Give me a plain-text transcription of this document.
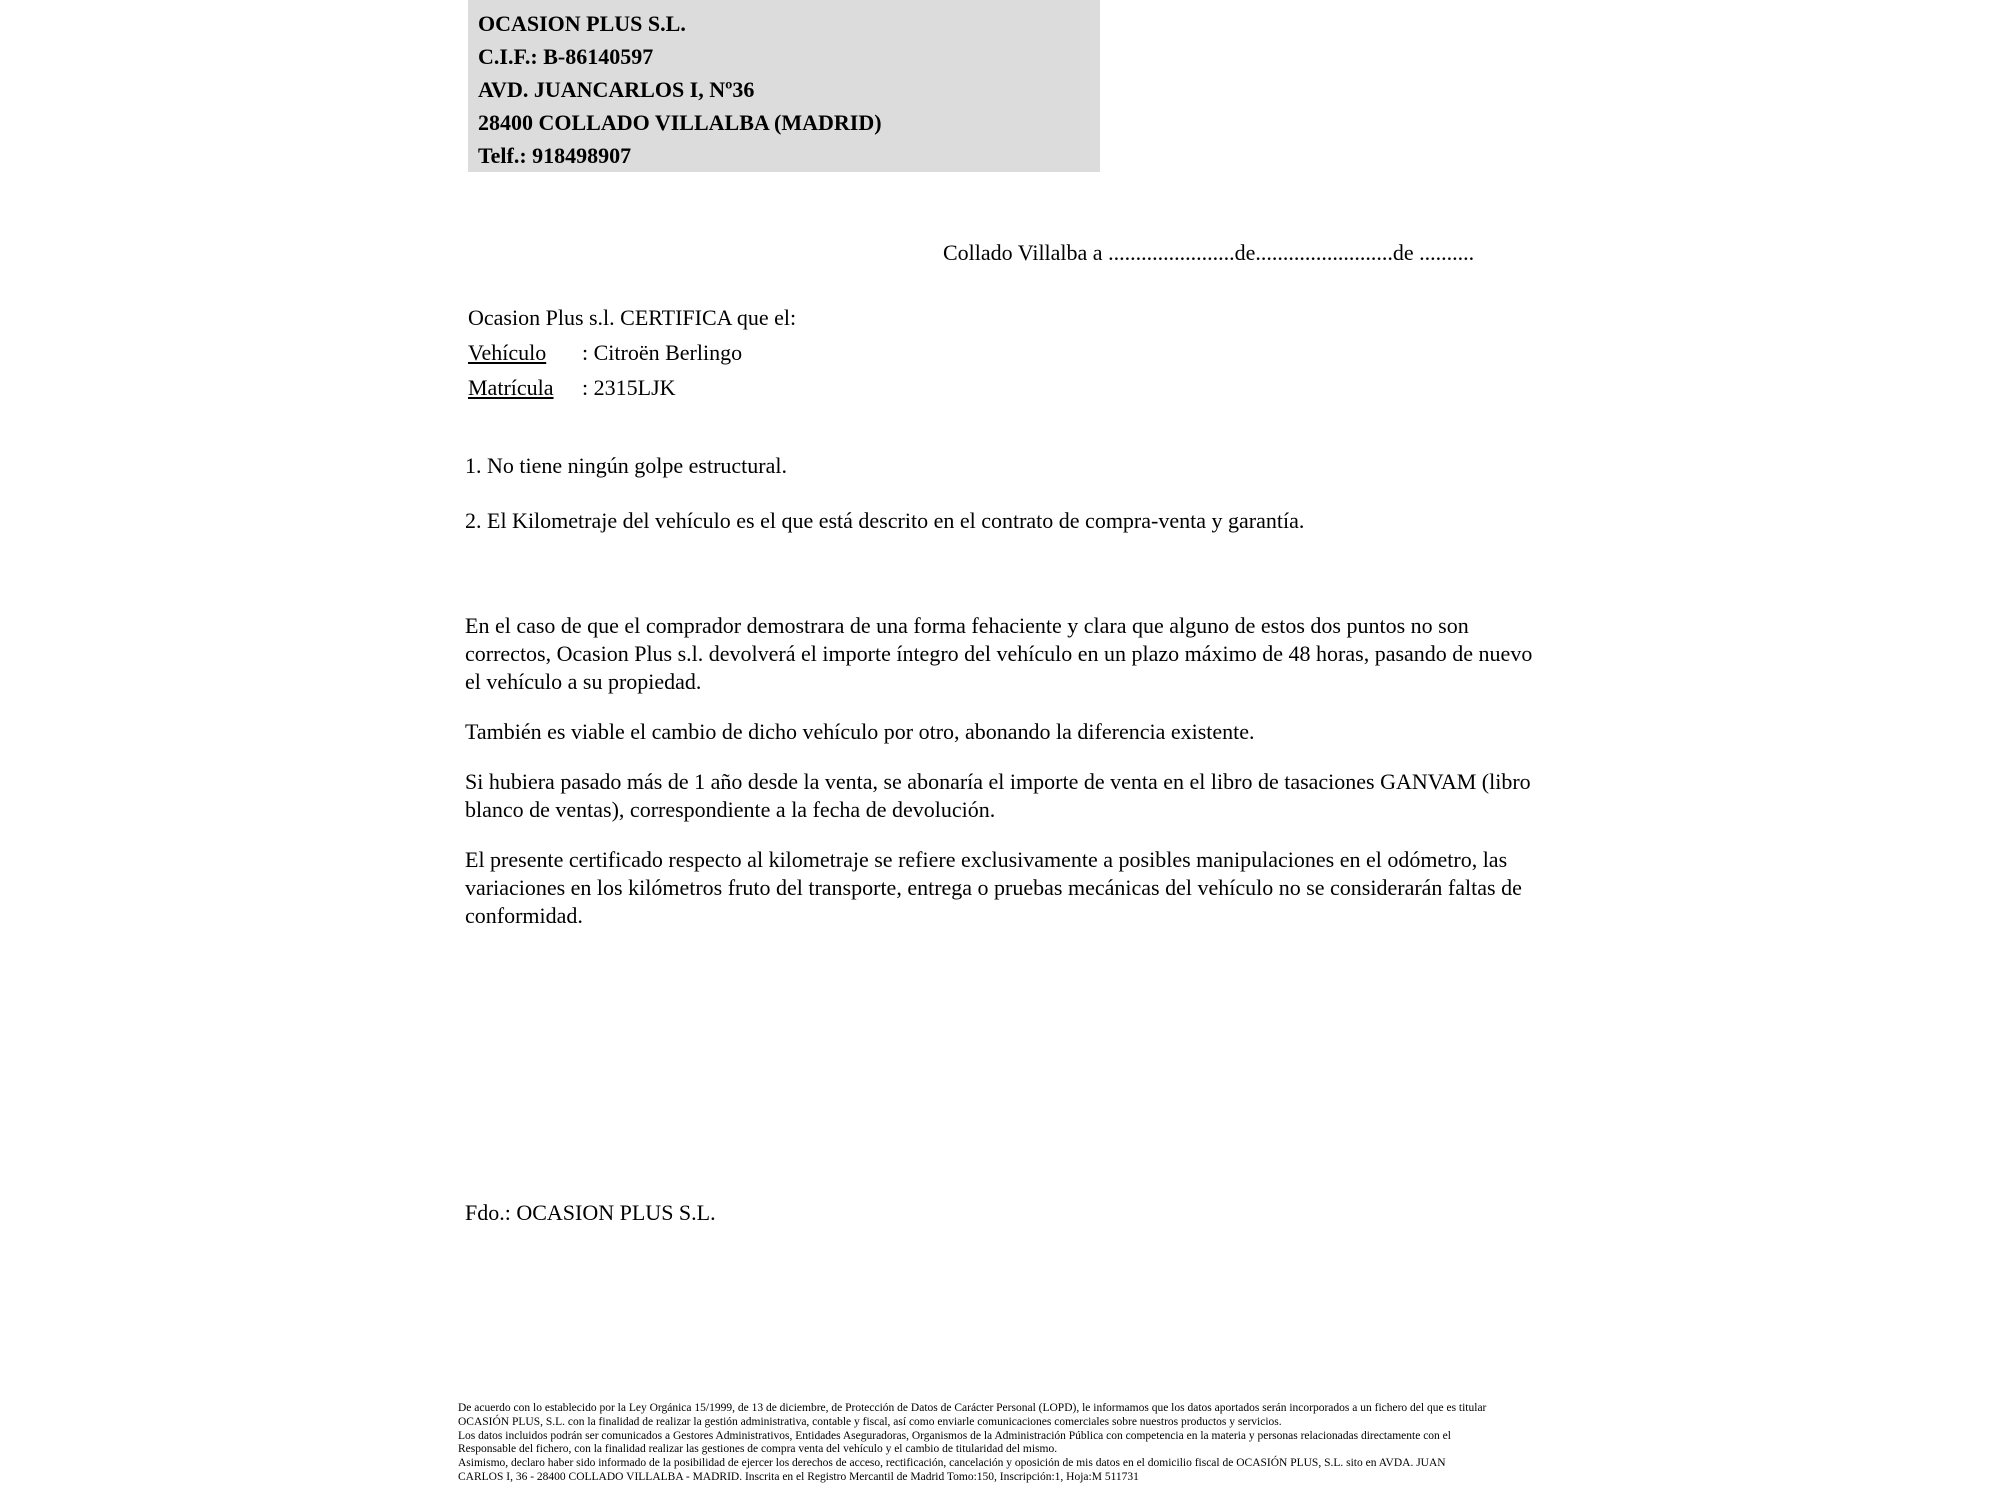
OCASION PLUS S.L.
C.I.F.: B-86140597
AVD. JUANCARLOS I, Nº36
28400 COLLADO VILLALBA (MADRID)
Telf.: 918498907
Collado Villalba a .......................de.........................de ..........
Ocasion Plus s.l. CERTIFICA que el:
Vehículo : Citroën Berlingo
Matrícula : 2315LJK
1. No tiene ningún golpe estructural.
2. El Kilometraje del vehículo es el que está descrito en el contrato de compra-venta y garantía.

En el caso de que el comprador demostrara de una forma fehaciente y clara que alguno de estos dos puntos no son correctos, Ocasion Plus s.l. devolverá el importe íntegro del vehículo en un plazo máximo de 48 horas, pasando de nuevo el vehículo a su propiedad.

También es viable el cambio de dicho vehículo por otro, abonando la diferencia existente.

Si hubiera pasado más de 1 año desde la venta, se abonaría el importe de venta en el libro de tasaciones GANVAM (libro blanco de ventas), correspondiente a la fecha de devolución.

El presente certificado respecto al kilometraje se refiere exclusivamente a posibles manipulaciones en el odómetro, las variaciones en los kilómetros fruto del transporte, entrega o pruebas mecánicas del vehículo no se considerarán faltas de conformidad.

Fdo.: OCASION PLUS S.L.
De acuerdo con lo establecido por la Ley Orgánica 15/1999, de 13 de diciembre, de Protección de Datos de Carácter Personal (LOPD), le informamos que los datos aportados serán incorporados a un fichero del que es titular
OCASIÓN PLUS, S.L. con la finalidad de realizar la gestión administrativa, contable y fiscal, así como enviarle comunicaciones comerciales sobre nuestros productos y servicios.
Los datos incluidos podrán ser comunicados a Gestores Administrativos, Entidades Aseguradoras, Organismos de la Administración Pública con competencia en la materia y personas relacionadas directamente con el
Responsable del fichero, con la finalidad realizar las gestiones de compra venta del vehículo y el cambio de titularidad del mismo.
Asimismo, declaro haber sido informado de la posibilidad de ejercer los derechos de acceso, rectificación, cancelación y oposición de mis datos en el domicilio fiscal de OCASIÓN PLUS, S.L. sito en AVDA. JUAN
CARLOS I, 36 - 28400 COLLADO VILLALBA - MADRID. Inscrita en el Registro Mercantil de Madrid Tomo:150, Inscripción:1, Hoja:M 511731
